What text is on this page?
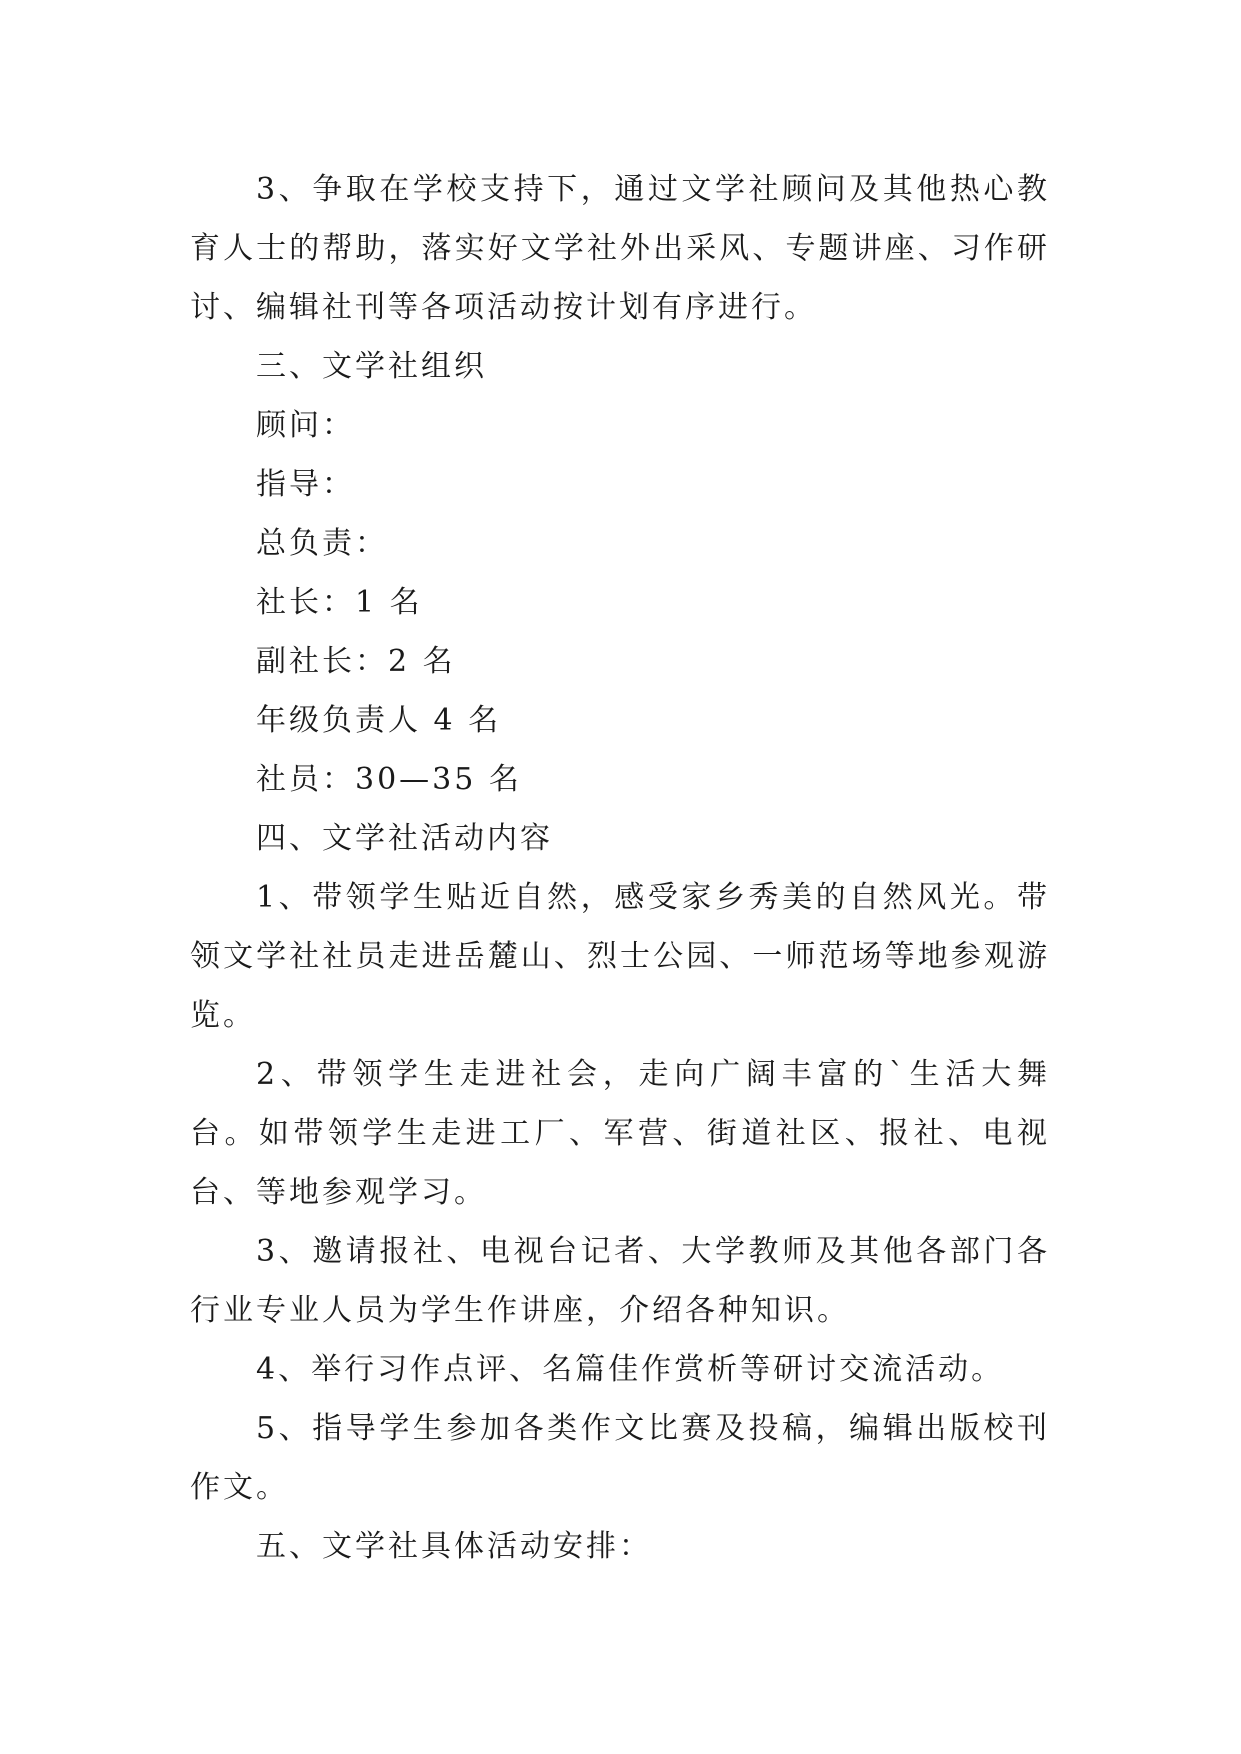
3、争取在学校支持下，通过文学社顾问及其他热心教育人士的帮助，落实好文学社外出采风、专题讲座、习作研讨、编辑社刊等各项活动按计划有序进行。

三、文学社组织

顾问：

指导：

总负责：

社长：1 名

副社长：2 名

年级负责人 4 名

社员：30—35 名

四、文学社活动内容

1、带领学生贴近自然，感受家乡秀美的自然风光。带领文学社社员走进岳麓山、烈士公园、一师范场等地参观游览。

2、带领学生走进社会，走向广阔丰富的`生活大舞台。如带领学生走进工厂、军营、街道社区、报社、电视台、等地参观学习。

3、邀请报社、电视台记者、大学教师及其他各部门各行业专业人员为学生作讲座，介绍各种知识。

4、举行习作点评、名篇佳作赏析等研讨交流活动。

5、指导学生参加各类作文比赛及投稿，编辑出版校刊作文。

五、文学社具体活动安排：
